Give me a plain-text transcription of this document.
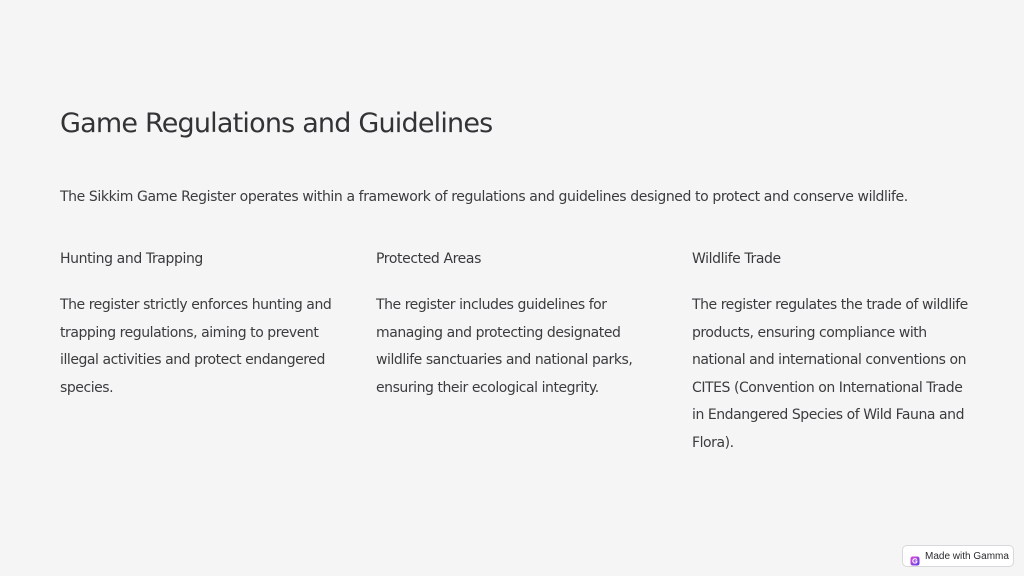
Game Regulations and Guidelines

The Sikkim Game Register operates within a framework of regulations and guidelines designed to protect and conserve wildlife.

Hunting and Trapping

The register strictly enforces hunting and trapping regulations, aiming to prevent illegal activities and protect endangered species.

Protected Areas

The register includes guidelines for managing and protecting designated wildlife sanctuaries and national parks, ensuring their ecological integrity.

Wildlife Trade

The register regulates the trade of wildlife products, ensuring compliance with national and international conventions on CITES (Convention on International Trade in Endangered Species of Wild Fauna and Flora).

Made with Gamma
